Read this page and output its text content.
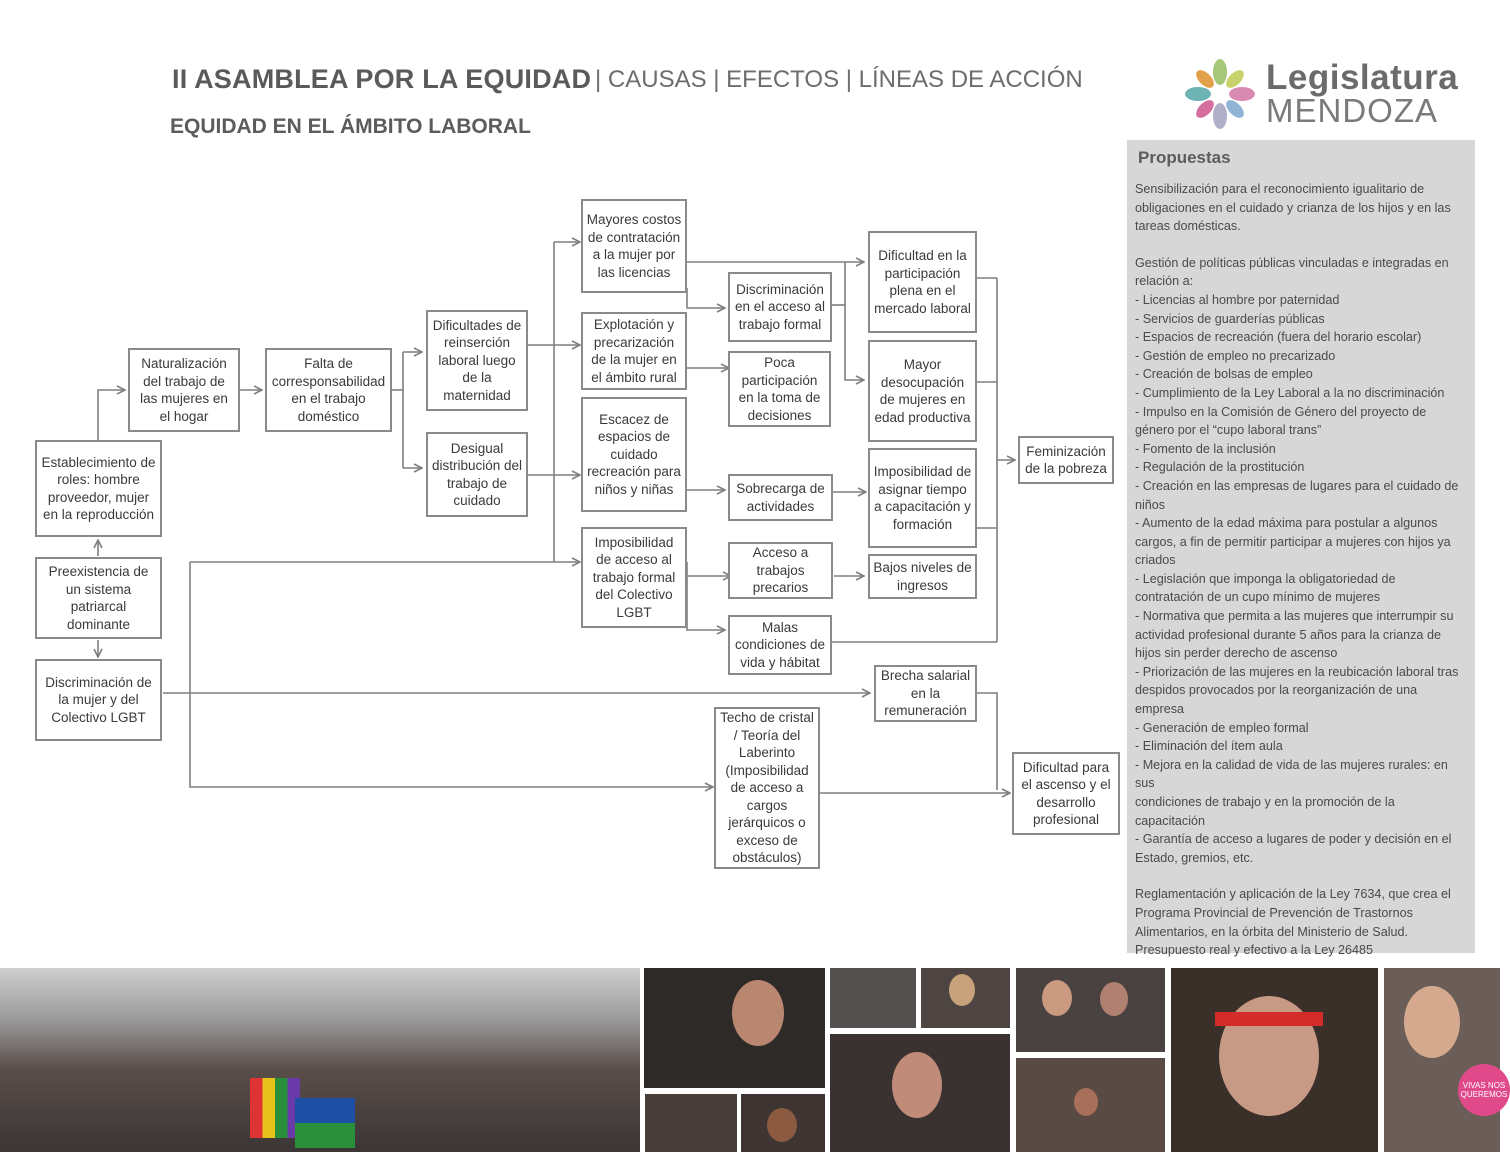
II ASAMBLEA POR LA EQUIDAD | CAUSAS | EFECTOS | LÍNEAS DE ACCIÓN
EQUIDAD EN EL ÁMBITO LABORAL
Legislatura
MENDOZA
Establecimiento de roles: hombre proveedor, mujer en la reproducción
Preexistencia de un sistema patriarcal dominante
Discriminación de la mujer y del Colectivo LGBT
Naturalización del trabajo de las mujeres en el hogar
Falta de corresponsabilidad en el trabajo doméstico
Dificultades de reinserción laboral luego de la maternidad
Desigual distribución del trabajo de cuidado
Mayores costos de contratación a la mujer por las licencias
Explotación y precarización de la mujer en el ámbito rural
Escacez de espacios de cuidado recreación para niños y niñas
Imposibilidad de acceso al trabajo formal del Colectivo LGBT
Discriminación en el acceso al trabajo formal
Poca participación en la toma de decisiones
Sobrecarga de actividades
Acceso a trabajos precarios
Malas condiciones de vida y hábitat
Techo de cristal / Teoría del Laberinto (Imposibilidad de acceso a cargos jerárquicos o exceso de obstáculos)
Dificultad en la participación plena en el mercado laboral
Mayor desocupación de mujeres en edad productiva
Imposibilidad de asignar tiempo a capacitación y formación
Bajos niveles de ingresos
Brecha salarial en la remuneración
Feminización de la pobreza
Dificultad para el ascenso y el desarrollo profesional
Propuestas
Sensibilización para el reconocimiento igualitario de
obligaciones en el cuidado y crianza de los hijos y en las
tareas domésticas.
Gestión de políticas públicas vinculadas e integradas en
relación a:
- Licencias al hombre por paternidad
- Servicios de guarderías públicas
- Espacios de recreación (fuera del horario escolar)
- Gestión de empleo no precarizado
- Creación de bolsas de empleo
- Cumplimiento de la Ley Laboral a la no discriminación
- Impulso en la Comisión de Género del proyecto de
género por el “cupo laboral trans”
- Fomento de la inclusión
- Regulación de la prostitución
- Creación en las empresas de lugares para el cuidado de
niños
- Aumento de la edad máxima para postular a algunos
cargos, a fin de permitir participar a mujeres con hijos ya
criados
- Legislación que imponga la obligatoriedad de
contratación de un cupo mínimo de mujeres
- Normativa que permita a las mujeres que interrumpir su
actividad profesional durante 5 años para la crianza de
hijos sin perder derecho de ascenso
- Priorización de las mujeres en la reubicación laboral tras
despidos provocados por la reorganización de una
empresa
- Generación de empleo formal
- Eliminación del ítem aula
- Mejora en la calidad de vida de las mujeres rurales: en sus
condiciones de trabajo y en la promoción de la
capacitación
- Garantía de acceso a lugares de poder y decisión en el
Estado, gremios, etc.
Reglamentación y aplicación de la Ley 7634, que crea el
Programa Provincial de Prevención de Trastornos
Alimentarios, en la órbita del Ministerio de Salud.
Presupuesto real y efectivo a la Ley 26485
VIVAS NOS QUEREMOS
